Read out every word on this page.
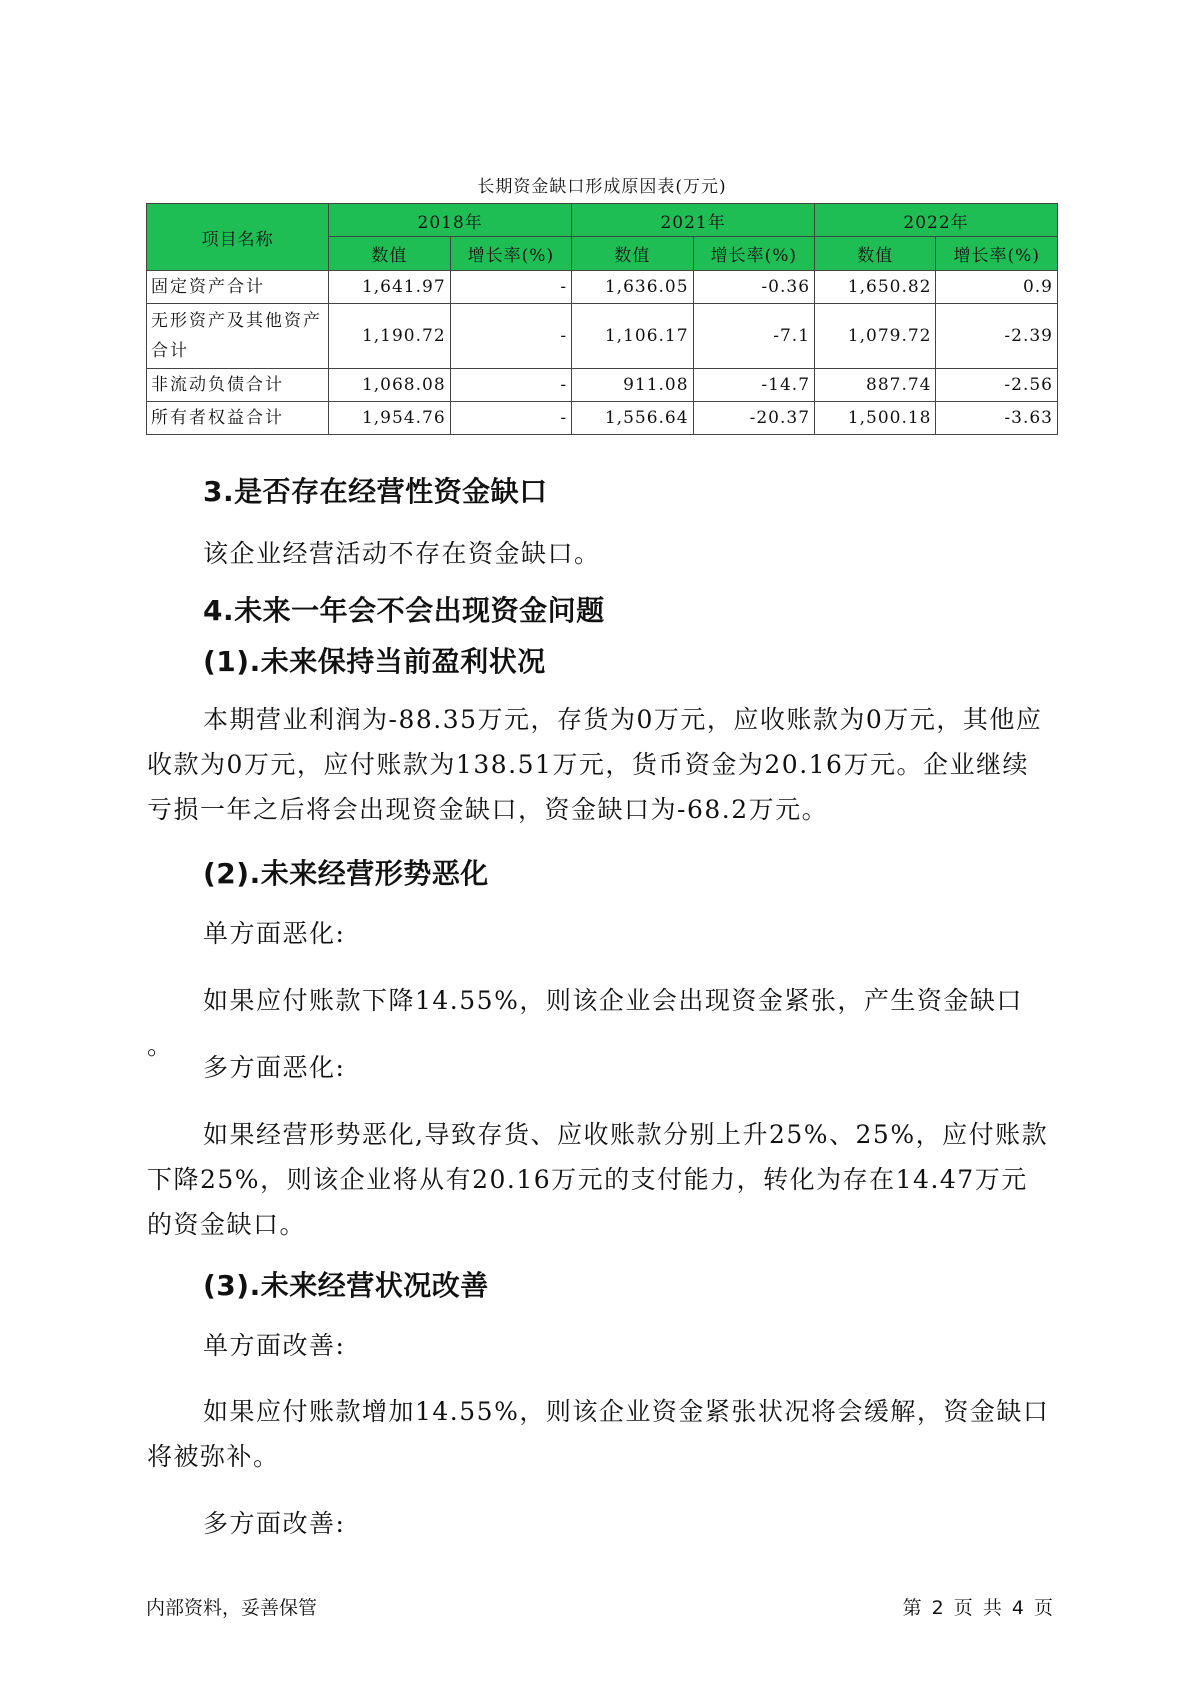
长期资金缺口形成原因表(万元)
项目名称	2018年		2021年		2022年	
	数值	增长率(%)	数值	增长率(%)	数值	增长率(%)
固定资产合计	1,641.97	-	1,636.05	-0.36	1,650.82	0.9
无形资产及其他资产合计	1,190.72	-	1,106.17	-7.1	1,079.72	-2.39
非流动负债合计	1,068.08	-	911.08	-14.7	887.74	-2.56
所有者权益合计	1,954.76	-	1,556.64	-20.37	1,500.18	-3.63
3.是否存在经营性资金缺口
该企业经营活动不存在资金缺口。
4.未来一年会不会出现资金问题
(1).未来保持当前盈利状况
本期营业利润为-88.35万元，存货为0万元，应收账款为0万元，其他应收款为0万元，应付账款为138.51万元，货币资金为20.16万元。企业继续亏损一年之后将会出现资金缺口，资金缺口为-68.2万元。
(2).未来经营形势恶化
单方面恶化:
如果应付账款下降14.55%，则该企业会出现资金紧张，产生资金缺口 。
多方面恶化:
如果经营形势恶化,导致存货、应收账款分别上升25%、25%，应付账款下降25%，则该企业将从有20.16万元的支付能力，转化为存在14.47万元的资金缺口。
(3).未来经营状况改善
单方面改善:
如果应付账款增加14.55%，则该企业资金紧张状况将会缓解，资金缺口将被弥补。
多方面改善:
内部资料，妥善保管	第 2 页 共 4 页
